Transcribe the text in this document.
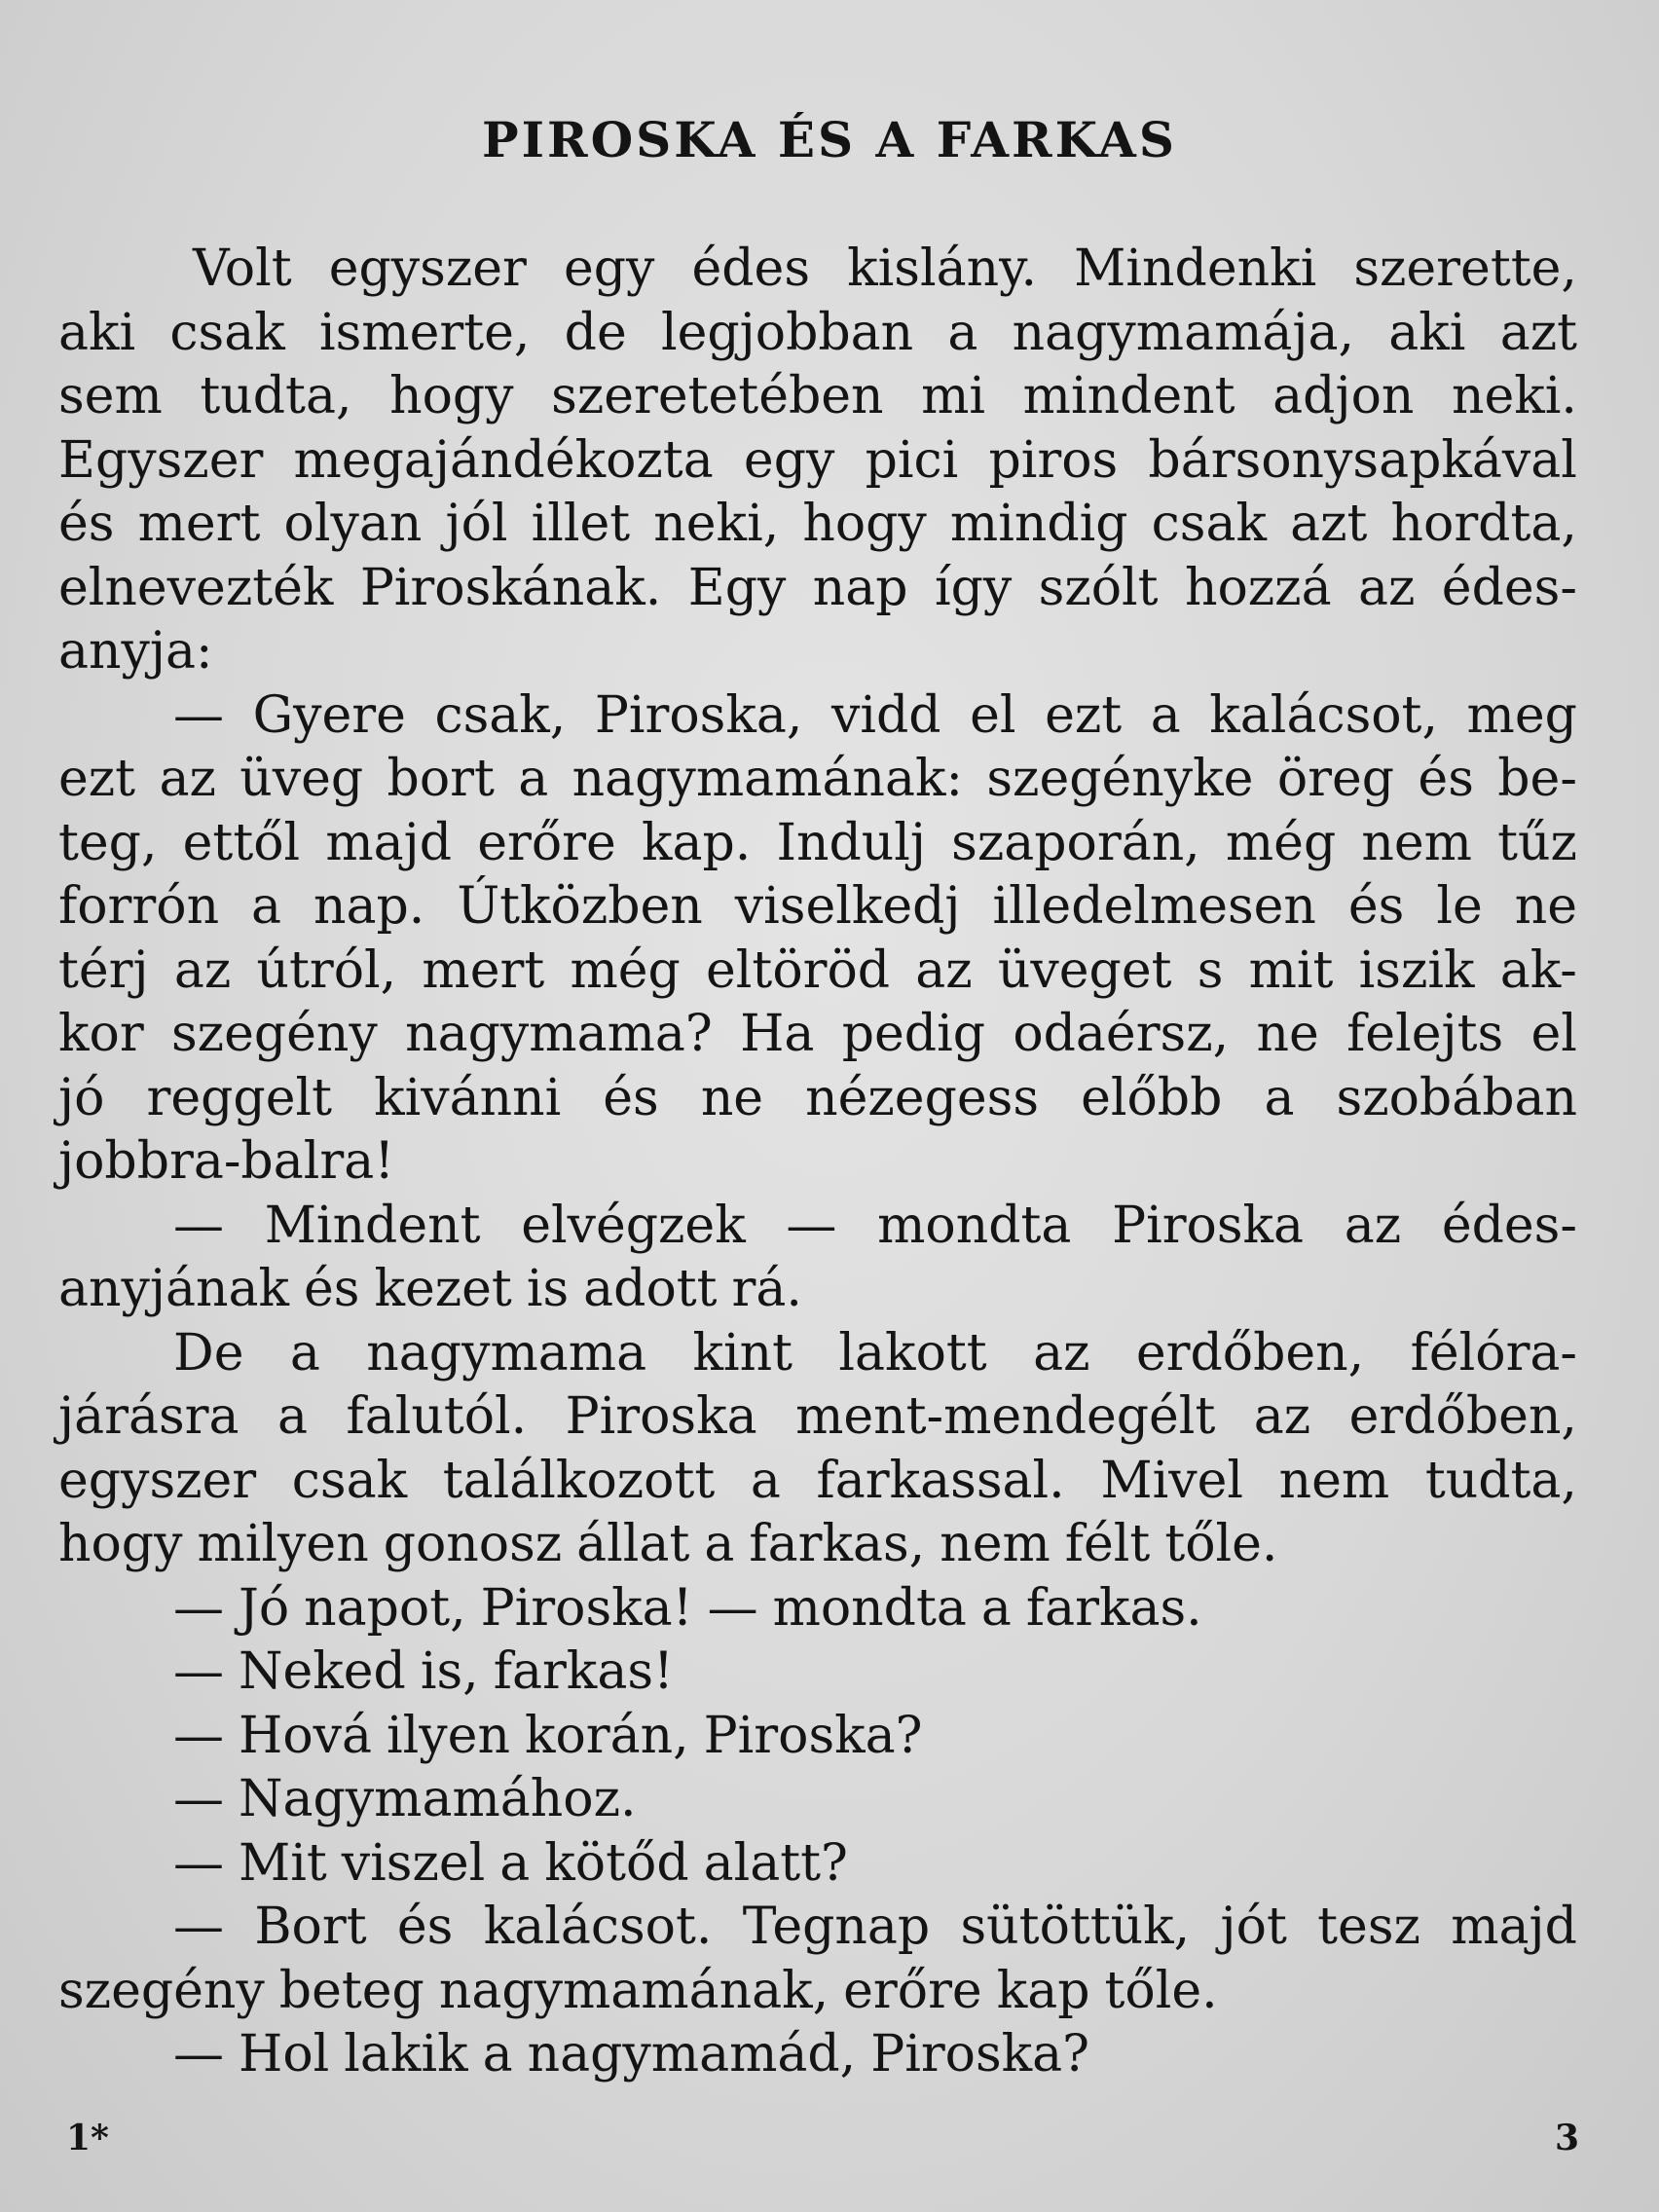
PIROSKA ÉS A FARKAS
Volt egyszer egy édes kislány. Mindenki szerette,
aki csak ismerte, de legjobban a nagymamája, aki azt
sem tudta, hogy szeretetében mi mindent adjon neki.
Egyszer megajándékozta egy pici piros bársonysapkával
és mert olyan jól illet neki, hogy mindig csak azt hordta,
elnevezték Piroskának. Egy nap így szólt hozzá az édes-
anyja:
— Gyere csak, Piroska, vidd el ezt a kalácsot, meg
ezt az üveg bort a nagymamának: szegényke öreg és be-
teg, ettől majd erőre kap. Indulj szaporán, még nem tűz
forrón a nap. Útközben viselkedj illedelmesen és le ne
térj az útról, mert még eltöröd az üveget s mit iszik ak-
kor szegény nagymama? Ha pedig odaérsz, ne felejts el
jó reggelt kivánni és ne nézegess előbb a szobában
jobbra-balra!
— Mindent elvégzek — mondta Piroska az édes-
anyjának és kezet is adott rá.
De a nagymama kint lakott az erdőben, félóra-
járásra a falutól. Piroska ment-mendegélt az erdőben,
egyszer csak találkozott a farkassal. Mivel nem tudta,
hogy milyen gonosz állat a farkas, nem félt tőle.
— Jó napot, Piroska! — mondta a farkas.
— Neked is, farkas!
— Hová ilyen korán, Piroska?
— Nagymamához.
— Mit viszel a kötőd alatt?
— Bort és kalácsot. Tegnap sütöttük, jót tesz majd
szegény beteg nagymamának, erőre kap tőle.
— Hol lakik a nagymamád, Piroska?
1*	3
